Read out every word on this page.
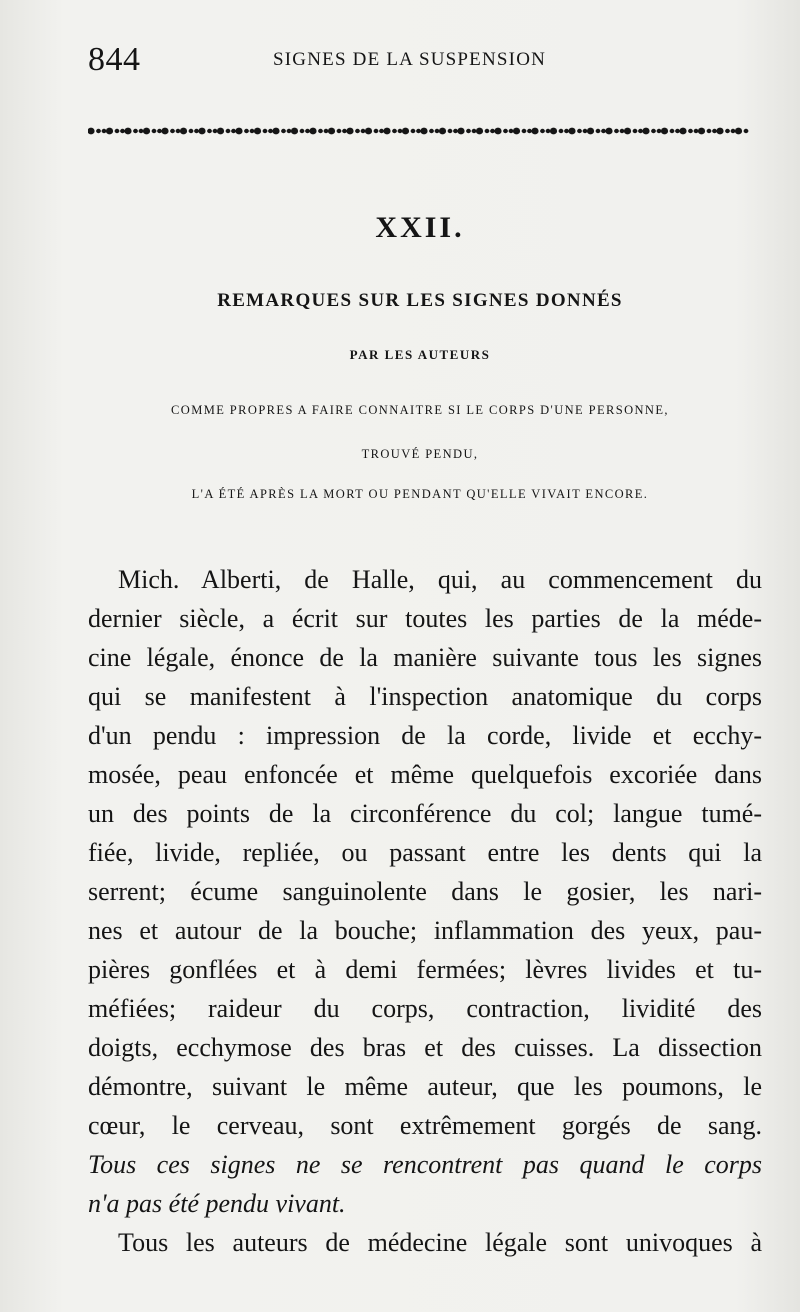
844	SIGNES DE LA SUSPENSION
XXII.
REMARQUES SUR LES SIGNES DONNÉS
PAR LES AUTEURS
COMME PROPRES A FAIRE CONNAITRE SI LE CORPS D'UNE PERSONNE,
TROUVÉ PENDU,
L'A ÉTÉ APRÈS LA MORT OU PENDANT QU'ELLE VIVAIT ENCORE.
Mich. Alberti, de Halle, qui, au commencement du
dernier siècle, a écrit sur toutes les parties de la méde-
cine légale, énonce de la manière suivante tous les signes
qui se manifestent à l'inspection anatomique du corps
d'un pendu : impression de la corde, livide et ecchy-
mosée, peau enfoncée et même quelquefois excoriée dans
un des points de la circonférence du col; langue tumé-
fiée, livide, repliée, ou passant entre les dents qui la
serrent; écume sanguinolente dans le gosier, les nari-
nes et autour de la bouche; inflammation des yeux, pau-
pières gonflées et à demi fermées; lèvres livides et tu-
méfiées; raideur du corps, contraction, lividité des
doigts, ecchymose des bras et des cuisses. La dissection
démontre, suivant le même auteur, que les poumons, le
cœur, le cerveau, sont extrêmement gorgés de sang.
Tous ces signes ne se rencontrent pas quand le corps
n'a pas été pendu vivant.
Tous les auteurs de médecine légale sont univoques à
